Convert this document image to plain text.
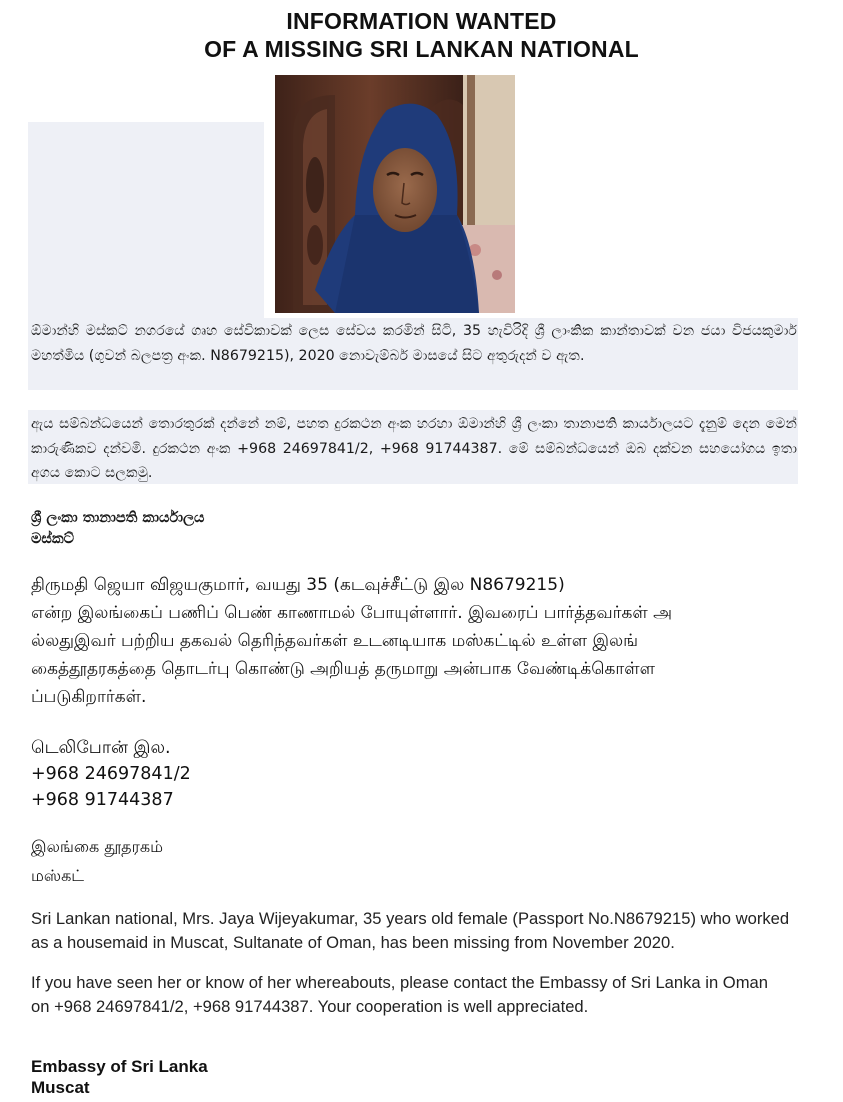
INFORMATION WANTED
OF A MISSING SRI LANKAN NATIONAL

ඕමාන්හි මස්කට් නගරයේ ගෘහ සේවිකාවක් ලෙස සේවය කරමින් සිටි, 35 හැවිරිදි ශ්‍රී ලාංකික කාන්තාවක් වන ජයා විජයකුමාර් මහත්මිය (ගුවන් බලපත්‍ර අංක. N8679215), 2020 නොවැම්බර් මාසයේ සිට අතුරුදන් ව ඇත.

ඇය සම්බන්ධයෙන් තොරතුරක් දන්නේ නම්, පහත දුරකථන අංක හරහා ඕමාන්හි ශ්‍රී ලංකා තානාපති කාර්යාලයට දැනුම් දෙන මෙන් කාරුණිකව දන්වමි. දුරකථන අංක +968 24697841/2, +968 91744387. මේ සම්බන්ධයෙන් ඔබ දක්වන සහයෝගය ඉතා අගය කොට සලකමු.

ශ්‍රී ලංකා තානාපති කාර්යාලය
මස්කට්
திருமதி ஜெயா விஜயகுமார், வயது 35 (கடவுச்சீட்டு இல N8679215)
என்ற இலங்கைப் பணிப் பெண் காணாமல் போயுள்ளார். இவரைப் பார்த்தவர்கள் அ
ல்லதுஇவர் பற்றிய தகவல் தெரிந்தவர்கள் உடனடியாக மஸ்கட்டில் உள்ள இலங்
கைத்தூதரகத்தை தொடர்பு கொண்டு அறியத் தருமாறு அன்பாக வேண்டிக்கொள்ள
ப்படுகிறார்கள்.
டெலிபோன் இல.
+968 24697841/2
+968 91744387
இலங்கை தூதரகம்
மஸ்கட்
Sri Lankan national, Mrs. Jaya Wijeyakumar, 35 years old female (Passport No.N8679215) who worked as a housemaid in Muscat, Sultanate of Oman, has been missing from November 2020.
If you have seen her or know of her whereabouts, please contact the Embassy of Sri Lanka in Oman on +968 24697841/2, +968 91744387. Your cooperation is well appreciated.
Embassy of Sri Lanka
Muscat
